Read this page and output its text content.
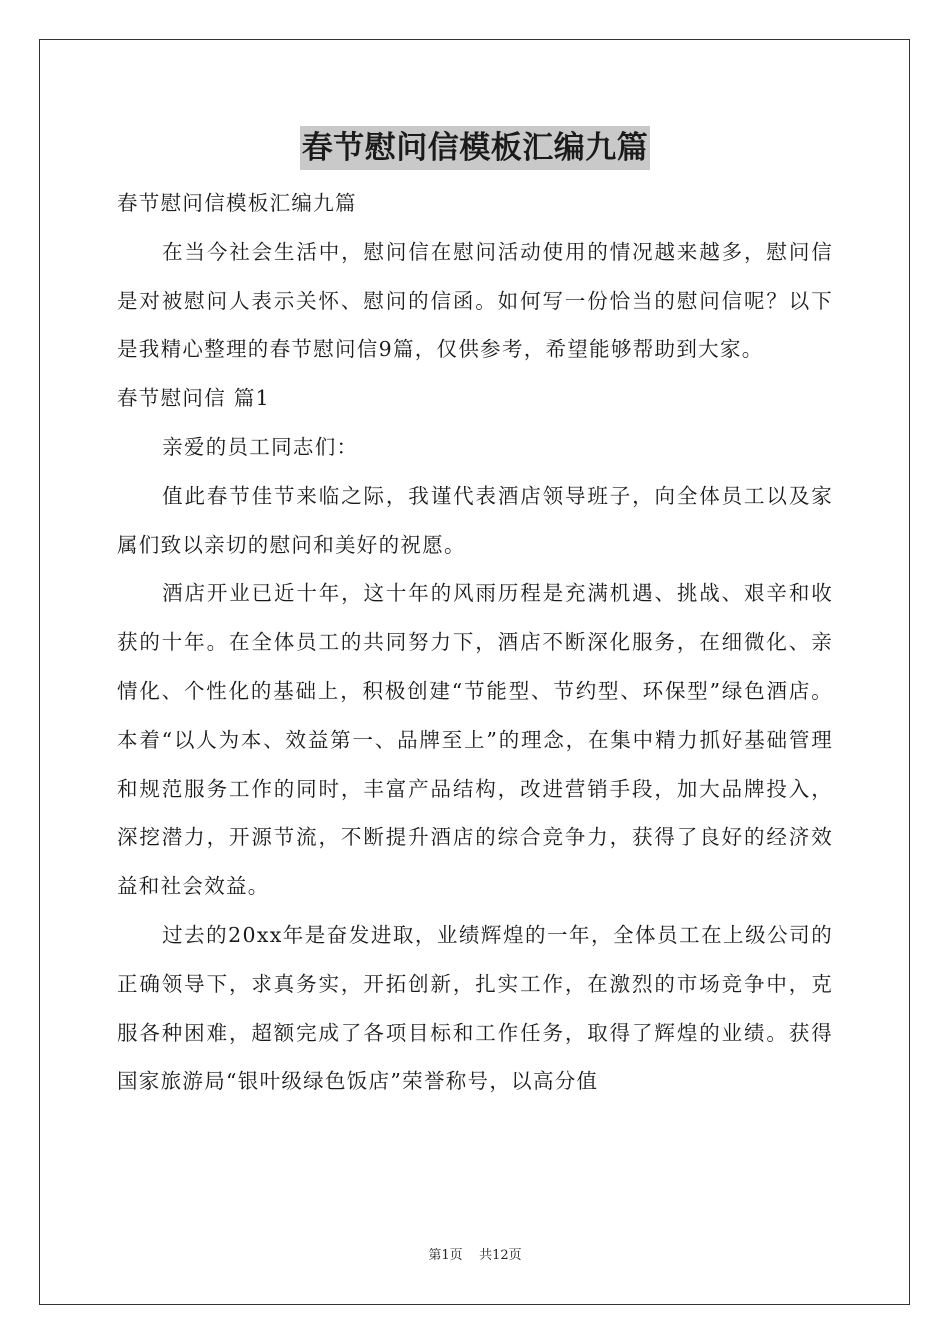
春节慰问信模板汇编九篇

春节慰问信模板汇编九篇

在当今社会生活中，慰问信在慰问活动使用的情况越来越多，慰问信是对被慰问人表示关怀、慰问的信函。如何写一份恰当的慰问信呢？以下是我精心整理的春节慰问信9篇，仅供参考，希望能够帮助到大家。

春节慰问信 篇1

亲爱的员工同志们：

值此春节佳节来临之际，我谨代表酒店领导班子，向全体员工以及家属们致以亲切的慰问和美好的祝愿。

酒店开业已近十年，这十年的风雨历程是充满机遇、挑战、艰辛和收获的十年。在全体员工的共同努力下，酒店不断深化服务，在细微化、亲情化、个性化的基础上，积极创建“节能型、节约型、环保型”绿色酒店。本着“以人为本、效益第一、品牌至上”的理念，在集中精力抓好基础管理和规范服务工作的同时，丰富产品结构，改进营销手段，加大品牌投入，深挖潜力，开源节流，不断提升酒店的综合竞争力，获得了良好的经济效益和社会效益。

过去的20xx年是奋发进取，业绩辉煌的一年，全体员工在上级公司的正确领导下，求真务实，开拓创新，扎实工作，在激烈的市场竞争中，克服各种困难，超额完成了各项目标和工作任务，取得了辉煌的业绩。获得国家旅游局“银叶级绿色饭店”荣誉称号，以高分值

第1页    共12页
